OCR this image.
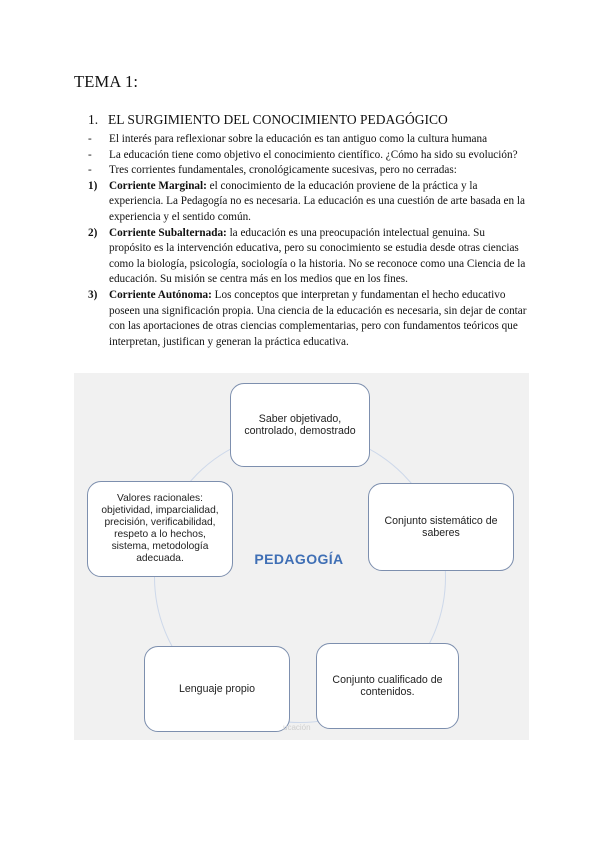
TEMA 1:
1. EL SURGIMIENTO DEL CONOCIMIENTO PEDAGÓGICO

- El interés para reflexionar sobre la educación es tan antiguo como la cultura humana

- La educación tiene como objetivo el conocimiento científico. ¿Cómo ha sido su evolución?

- Tres corrientes fundamentales, cronológicamente sucesivas, pero no cerradas:

1) Corriente Marginal: el conocimiento de la educación proviene de la práctica y la experiencia. La Pedagogía no es necesaria. La educación es una cuestión de arte basada en la experiencia y el sentido común.

2) Corriente Subalternada: la educación es una preocupación intelectual genuina. Su propósito es la intervención educativa, pero su conocimiento se estudia desde otras ciencias como la biología, psicología, sociología o la historia. No se reconoce como una Ciencia de la educación. Su misión se centra más en los medios que en los fines.

3) Corriente Autónoma: Los conceptos que interpretan y fundamentan el hecho educativo poseen una significación propia. Una ciencia de la educación es necesaria, sin dejar de contar con las aportaciones de otras ciencias complementarias, pero con fundamentos teóricos que interpretan, justifican y generan la práctica educativa.

PEDAGOGÍA
Saber objetivado, controlado, demostrado
Conjunto sistemático de saberes
Conjunto cualificado de contenidos.
Lenguaje propio
Valores racionales: objetividad, imparcialidad, precisión, verificabilidad, respeto a lo hechos, sistema, metodología adecuada.
ucación
